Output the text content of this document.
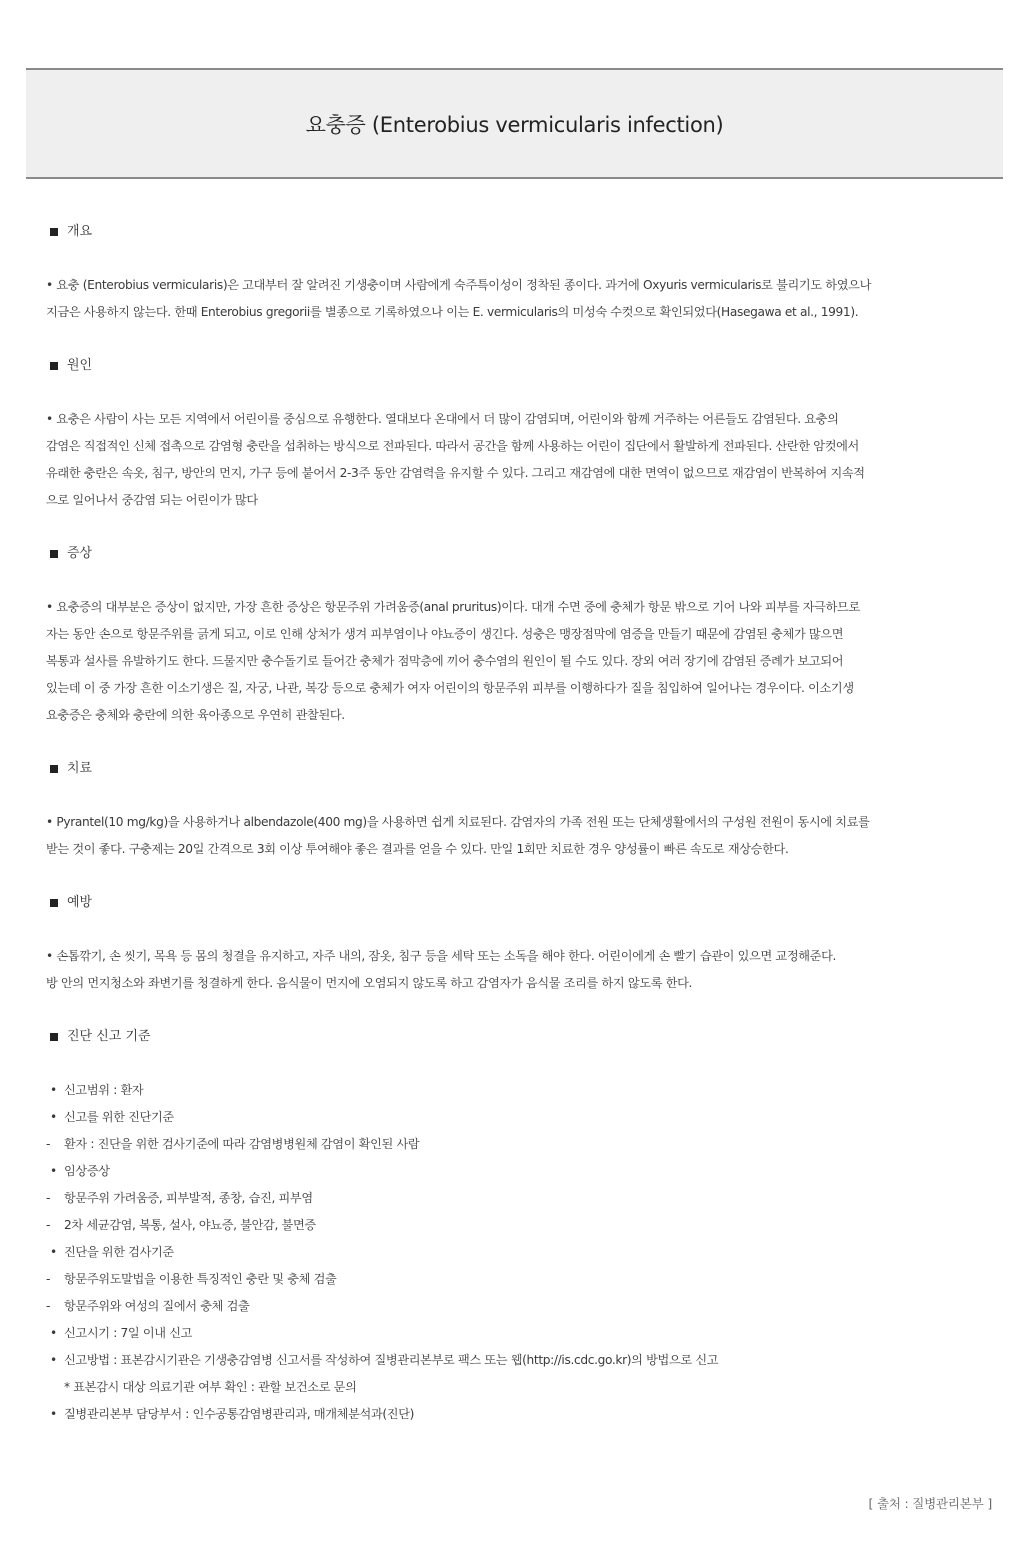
요충증 (Enterobius vermicularis infection)
개요
• 요충 (Enterobius vermicularis)은 고대부터 잘 알려진 기생충이며 사람에게 숙주특이성이 정착된 종이다. 과거에 Oxyuris vermicularis로 불리기도 하였으나
지금은 사용하지 않는다. 한때 Enterobius gregorii를 별종으로 기록하였으나 이는 E. vermicularis의 미성숙 수컷으로 확인되었다(Hasegawa et al., 1991).
원인
• 요충은 사람이 사는 모든 지역에서 어린이를 중심으로 유행한다. 열대보다 온대에서 더 많이 감염되며, 어린이와 함께 거주하는 어른들도 감염된다. 요충의
감염은 직접적인 신체 접촉으로 감염형 충란을 섭취하는 방식으로 전파된다. 따라서 공간을 함께 사용하는 어린이 집단에서 활발하게 전파된다. 산란한 암컷에서
유래한 충란은 속옷, 침구, 방안의 먼지, 가구 등에 붙어서 2-3주 동안 감염력을 유지할 수 있다. 그리고 재감염에 대한 면역이 없으므로 재감염이 반복하여 지속적
으로 일어나서 중감염 되는 어린이가 많다
증상
• 요충증의 대부분은 증상이 없지만, 가장 흔한 증상은 항문주위 가려움증(anal pruritus)이다. 대개 수면 중에 충체가 항문 밖으로 기어 나와 피부를 자극하므로
자는 동안 손으로 항문주위를 긁게 되고, 이로 인해 상처가 생겨 피부염이나 야뇨증이 생긴다. 성충은 맹장점막에 염증을 만들기 때문에 감염된 충체가 많으면
복통과 설사를 유발하기도 한다. 드물지만 충수돌기로 들어간 충체가 점막층에 끼어 충수염의 원인이 될 수도 있다. 장외 여러 장기에 감염된 증례가 보고되어
있는데 이 중 가장 흔한 이소기생은 질, 자궁, 나관, 복강 등으로 충체가 여자 어린이의 항문주위 피부를 이행하다가 질을 침입하여 일어나는 경우이다. 이소기생
요충증은 충체와 충란에 의한 육아종으로 우연히 관찰된다.
치료
• Pyrantel(10 mg/kg)을 사용하거나 albendazole(400 mg)을 사용하면 쉽게 치료된다. 감염자의 가족 전원 또는 단체생활에서의 구성원 전원이 동시에 치료를
받는 것이 좋다. 구충제는 20일 간격으로 3회 이상 투여해야 좋은 결과를 얻을 수 있다. 만일 1회만 치료한 경우 양성률이 빠른 속도로 재상승한다.
예방
• 손톱깎기, 손 씻기, 목욕 등 몸의 청결을 유지하고, 자주 내의, 잠옷, 침구 등을 세탁 또는 소독을 해야 한다. 어린이에게 손 빨기 습관이 있으면 교정해준다.
방 안의 먼지청소와 좌변기를 청결하게 한다. 음식물이 먼지에 오염되지 않도록 하고 감염자가 음식물 조리를 하지 않도록 한다.
진단 신고 기준
• 신고범위 : 환자
• 신고를 위한 진단기준
- 환자 : 진단을 위한 검사기준에 따라 감염병병원체 감염이 확인된 사람
• 임상증상
- 항문주위 가려움증, 피부발적, 종창, 습진, 피부염
- 2차 세균감염, 복통, 설사, 야뇨증, 불안감, 불면증
• 진단을 위한 검사기준
- 항문주위도말법을 이용한 특징적인 충란 및 충체 검출
- 항문주위와 여성의 질에서 충체 검출
• 신고시기 : 7일 이내 신고
• 신고방법 : 표본감시기관은 기생충감염병 신고서를 작성하여 질병관리본부로 팩스 또는 웹(http://is.cdc.go.kr)의 방법으로 신고
* 표본감시 대상 의료기관 여부 확인 : 관할 보건소로 문의
• 질병관리본부 담당부서 : 인수공통감염병관리과, 매개체분석과(진단)
[ 출처 : 질병관리본부 ]
